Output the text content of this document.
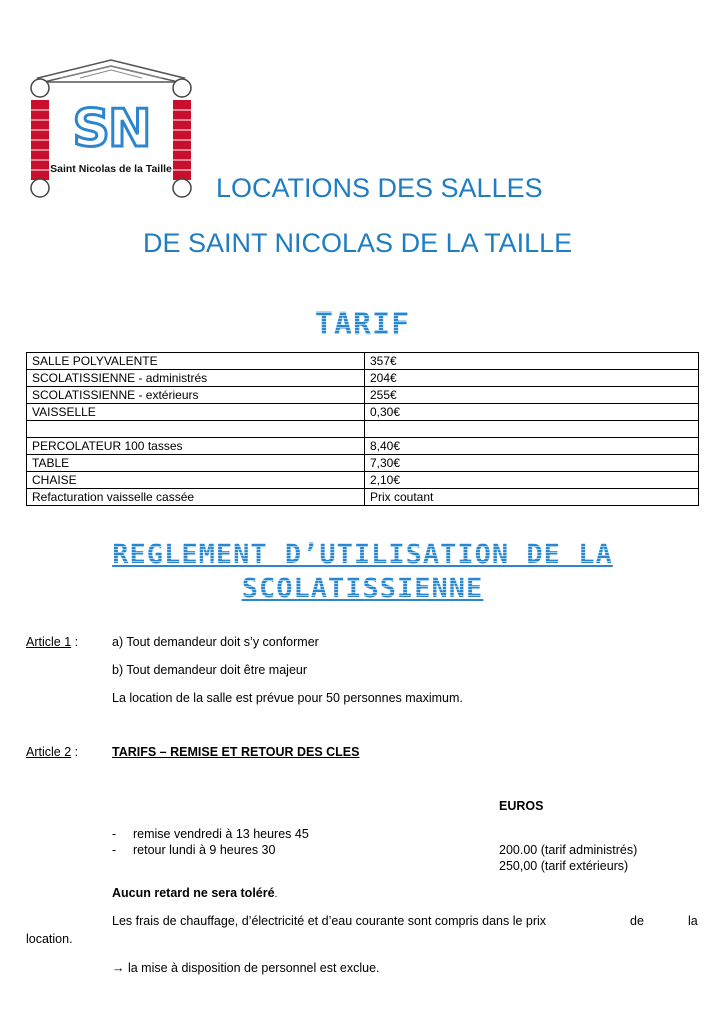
SN
Saint Nicolas de la Taille
LOCATIONS DES SALLES
DE SAINT NICOLAS DE LA TAILLE
TARIF
SALLE POLYVALENTE	357€
SCOLATISSIENNE - administrés	204€
SCOLATISSIENNE - extérieurs	255€
VAISSELLE	0,30€

PERCOLATEUR 100 tasses	8,40€
TABLE	7,30€
CHAISE	2,10€
Refacturation vaisselle cassée	Prix coutant
REGLEMENT D’UTILISATION DE LA
SCOLATISSIENNE
Article 1 :	a) Tout demandeur doit s’y conformer
b) Tout demandeur doit être majeur
La location de la salle est prévue pour 50 personnes maximum.
Article 2 :	TARIFS – REMISE ET RETOUR DES CLES
EUROS
- remise vendredi à 13 heures 45
- retour lundi à 9 heures 30	200.00 (tarif administrés)
250,00 (tarif extérieurs)
Aucun retard ne sera toléré.
Les frais de chauffage, d’électricité et d’eau courante sont compris dans le prix	de	la
location.
→ la mise à disposition de personnel est exclue.
